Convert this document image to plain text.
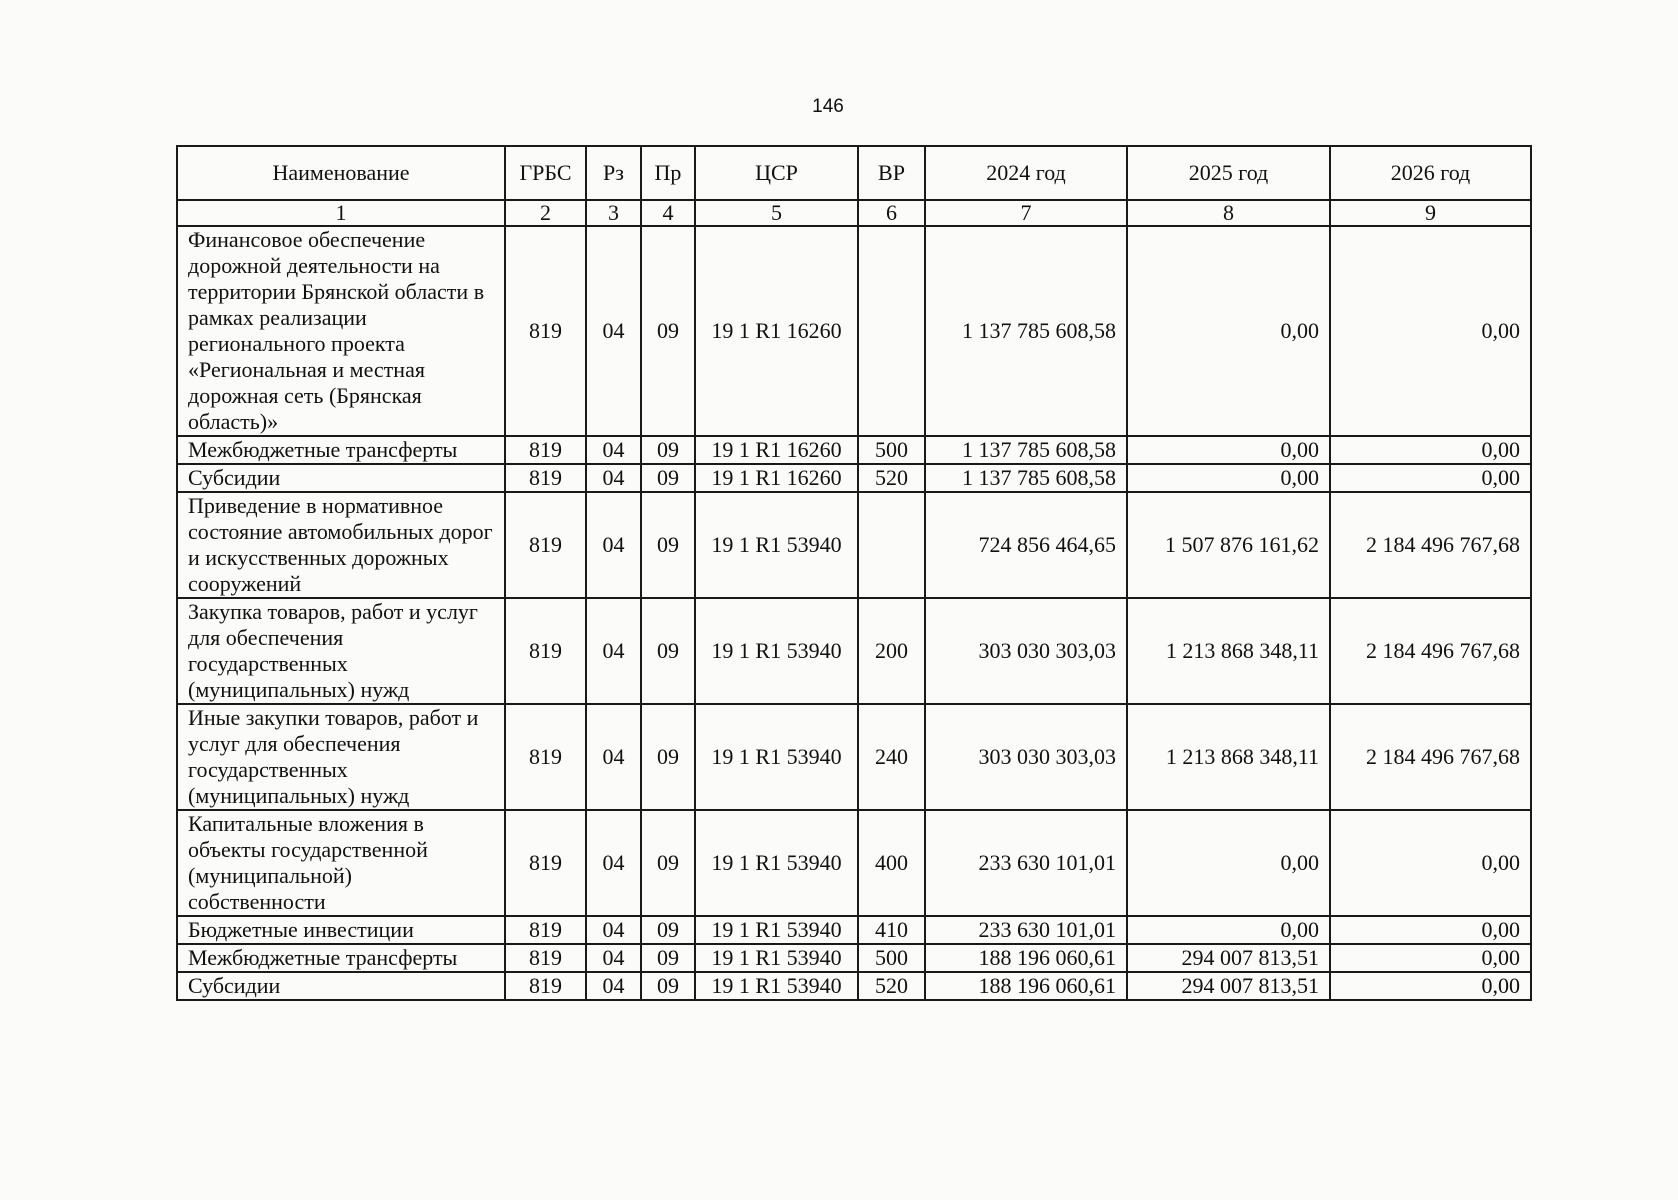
146
Наименование	ГРБС	Рз	Пр	ЦСР	ВР	2024 год	2025 год	2026 год
1	2	3	4	5	6	7	8	9
Финансовое обеспечение дорожной деятельности на территории Брянской области в рамках реализации регионального проекта «Региональная и местная дорожная сеть (Брянская область)»	819	04	09	19 1 R1 16260		1 137 785 608,58	0,00	0,00
Межбюджетные трансферты	819	04	09	19 1 R1 16260	500	1 137 785 608,58	0,00	0,00
Субсидии	819	04	09	19 1 R1 16260	520	1 137 785 608,58	0,00	0,00
Приведение в нормативное состояние автомобильных дорог и искусственных дорожных сооружений	819	04	09	19 1 R1 53940		724 856 464,65	1 507 876 161,62	2 184 496 767,68
Закупка товаров, работ и услуг для обеспечения государственных (муниципальных) нужд	819	04	09	19 1 R1 53940	200	303 030 303,03	1 213 868 348,11	2 184 496 767,68
Иные закупки товаров, работ и услуг для обеспечения государственных (муниципальных) нужд	819	04	09	19 1 R1 53940	240	303 030 303,03	1 213 868 348,11	2 184 496 767,68
Капитальные вложения в объекты государственной (муниципальной) собственности	819	04	09	19 1 R1 53940	400	233 630 101,01	0,00	0,00
Бюджетные инвестиции	819	04	09	19 1 R1 53940	410	233 630 101,01	0,00	0,00
Межбюджетные трансферты	819	04	09	19 1 R1 53940	500	188 196 060,61	294 007 813,51	0,00
Субсидии	819	04	09	19 1 R1 53940	520	188 196 060,61	294 007 813,51	0,00
